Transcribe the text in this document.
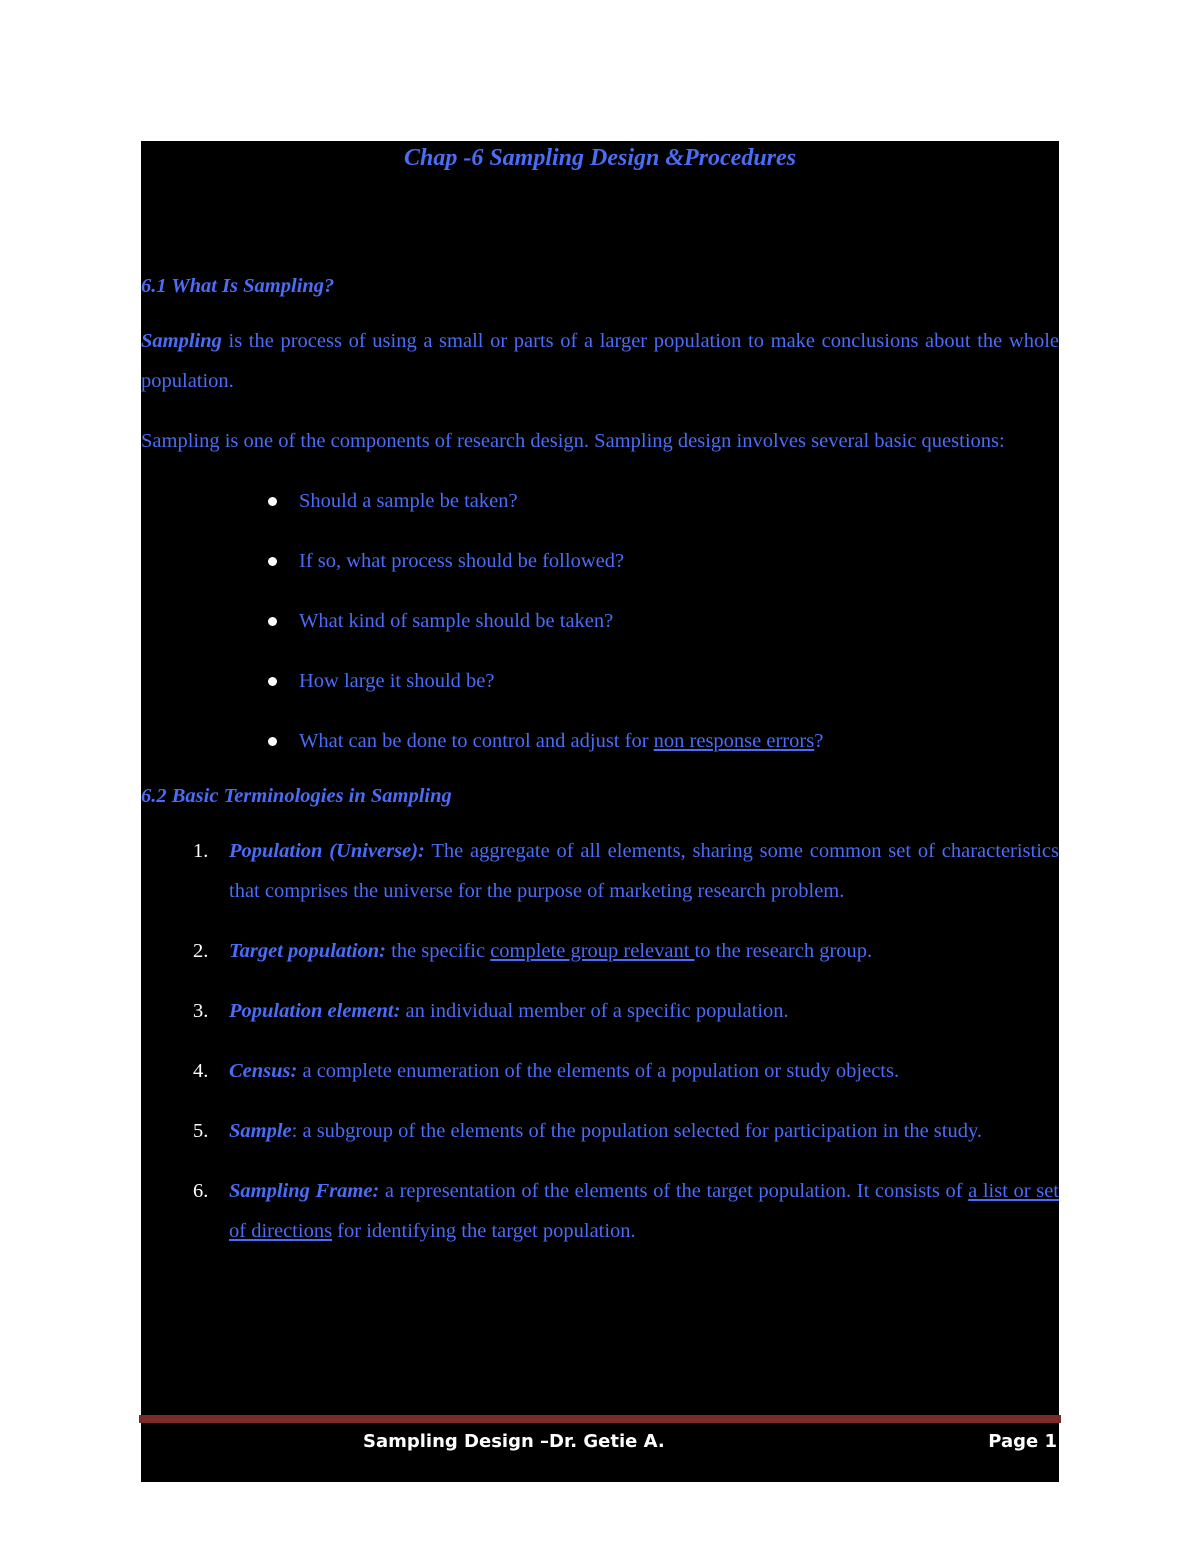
Chap -6 Sampling Design &Procedures

6.1 What Is Sampling?

Sampling is the process of using a small or parts of a larger population to make conclusions about the whole population.

Sampling is one of the components of research design. Sampling design involves several basic questions:

Should a sample be taken?
If so, what process should be followed?
What kind of sample should be taken?
How large it should be?
What can be done to control and adjust for non response errors?

6.2 Basic Terminologies in Sampling

1. Population (Universe): The aggregate of all elements, sharing some common set of characteristics that comprises the universe for the purpose of marketing research problem.
2. Target population: the specific complete group relevant to the research group.
3. Population element: an individual member of a specific population.
4. Census: a complete enumeration of the elements of a population or study objects.
5. Sample: a subgroup of the elements of the population selected for participation in the study.
6. Sampling Frame: a representation of the elements of the target population. It consists of a list or set of directions for identifying the target population.
Sampling Design –Dr. Getie A.	Page 1
